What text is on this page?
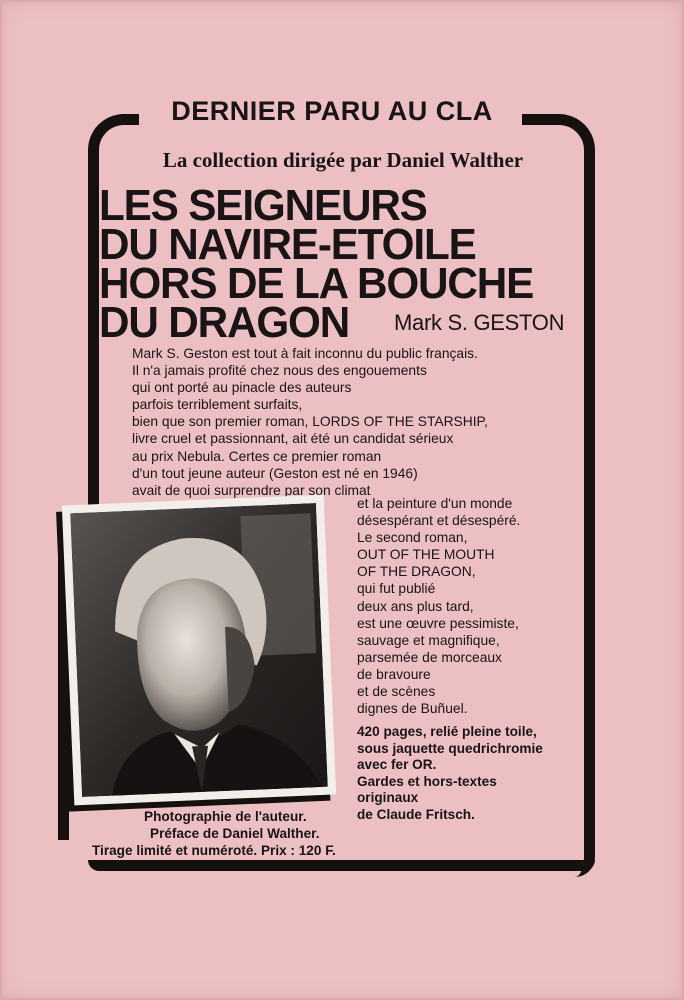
DERNIER PARU AU CLA
La collection dirigée par Daniel Walther
LES SEIGNEURS
DU NAVIRE-ETOILE
HORS DE LA BOUCHE
DU DRAGON	Mark S. GESTON
Mark S. Geston est tout à fait inconnu du public français.
Il n'a jamais profité chez nous des engouements
qui ont porté au pinacle des auteurs
parfois terriblement surfaits,
bien que son premier roman, LORDS OF THE STARSHIP,
livre cruel et passionnant, ait été un candidat sérieux
au prix Nebula. Certes ce premier roman
d'un tout jeune auteur (Geston est né en 1946)
avait de quoi surprendre par son climat
et la peinture d'un monde
désespérant et désespéré.
Le second roman,
OUT OF THE MOUTH
OF THE DRAGON,
qui fut publié
deux ans plus tard,
est une œuvre pessimiste,
sauvage et magnifique,
parsemée de morceaux
de bravoure
et de scènes
dignes de Buñuel.
420 pages, relié pleine toile,
sous jaquette quedrichromie
avec fer OR.
Gardes et hors-textes
originaux
de Claude Fritsch.
Photographie de l'auteur.
Préface de Daniel Walther.
Tirage limité et numéroté. Prix : 120 F.
